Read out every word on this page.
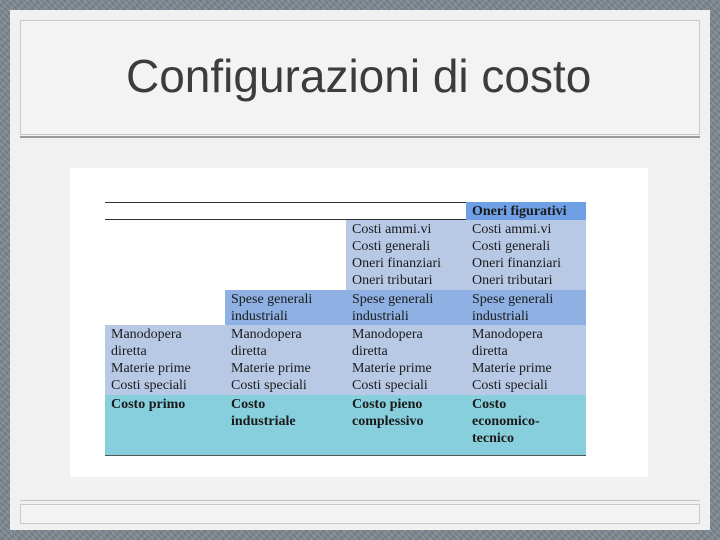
Configurazioni di costo
Oneri figurativi
Costi ammi.vi
Costi generali
Oneri finanziari
Oneri tributari
Costi ammi.vi
Costi generali
Oneri finanziari
Oneri tributari
Spese generali
industriali
Spese generali
industriali
Spese generali
industriali
Manodopera
diretta
Materie prime
Costi speciali
Manodopera
diretta
Materie prime
Costi speciali
Manodopera
diretta
Materie prime
Costi speciali
Manodopera
diretta
Materie prime
Costi speciali
Costo primo	Costo
industriale
Costo pieno
complessivo
Costo
economico-
tecnico
